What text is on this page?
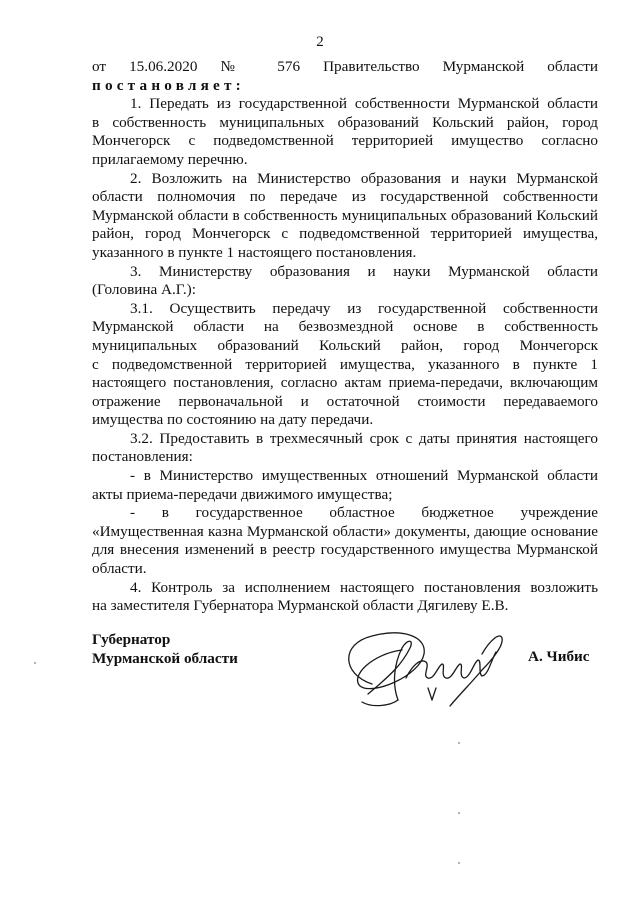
2
от 15.06.2020 № 576 Правительство Мурманской области
постановляет:
1. Передать из государственной собственности Мурманской области
в собственность муниципальных образований Кольский район, город
Мончегорск с подведомственной территорией имущество согласно
прилагаемому перечню.
2. Возложить на Министерство образования и науки Мурманской
области полномочия по передаче из государственной собственности
Мурманской области в собственность муниципальных образований Кольский
район, город Мончегорск с подведомственной территорией имущества,
указанного в пункте 1 настоящего постановления.
3. Министерству образования и науки Мурманской области
(Головина А.Г.):
3.1. Осуществить передачу из государственной собственности
Мурманской области на безвозмездной основе в собственность
муниципальных образований Кольский район, город Мончегорск
с подведомственной территорией имущества, указанного в пункте 1
настоящего постановления, согласно актам приема-передачи, включающим
отражение первоначальной и остаточной стоимости передаваемого
имущества по состоянию на дату передачи.
3.2. Предоставить в трехмесячный срок с даты принятия настоящего
постановления:
- в Министерство имущественных отношений Мурманской области
акты приема-передачи движимого имущества;
- в государственное областное бюджетное учреждение
«Имущественная казна Мурманской области» документы, дающие основание
для внесения изменений в реестр государственного имущества Мурманской
области.
4. Контроль за исполнением настоящего постановления возложить
на заместителя Губернатора Мурманской области Дягилеву Е.В.
Губернатор
Мурманской области	А. Чибис
